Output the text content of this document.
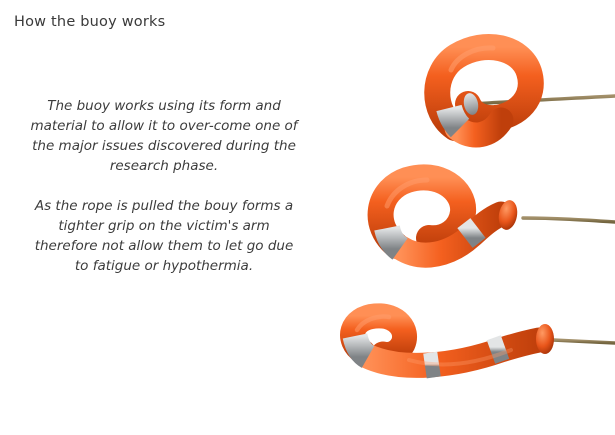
How the buoy works
The buoy works using its form and material to allow it to over-come one of the major issues discovered during the research phase.
As the rope is pulled the bouy forms a tighter grip on the victim's arm therefore not allow them to let go due to fatigue or hypothermia.
